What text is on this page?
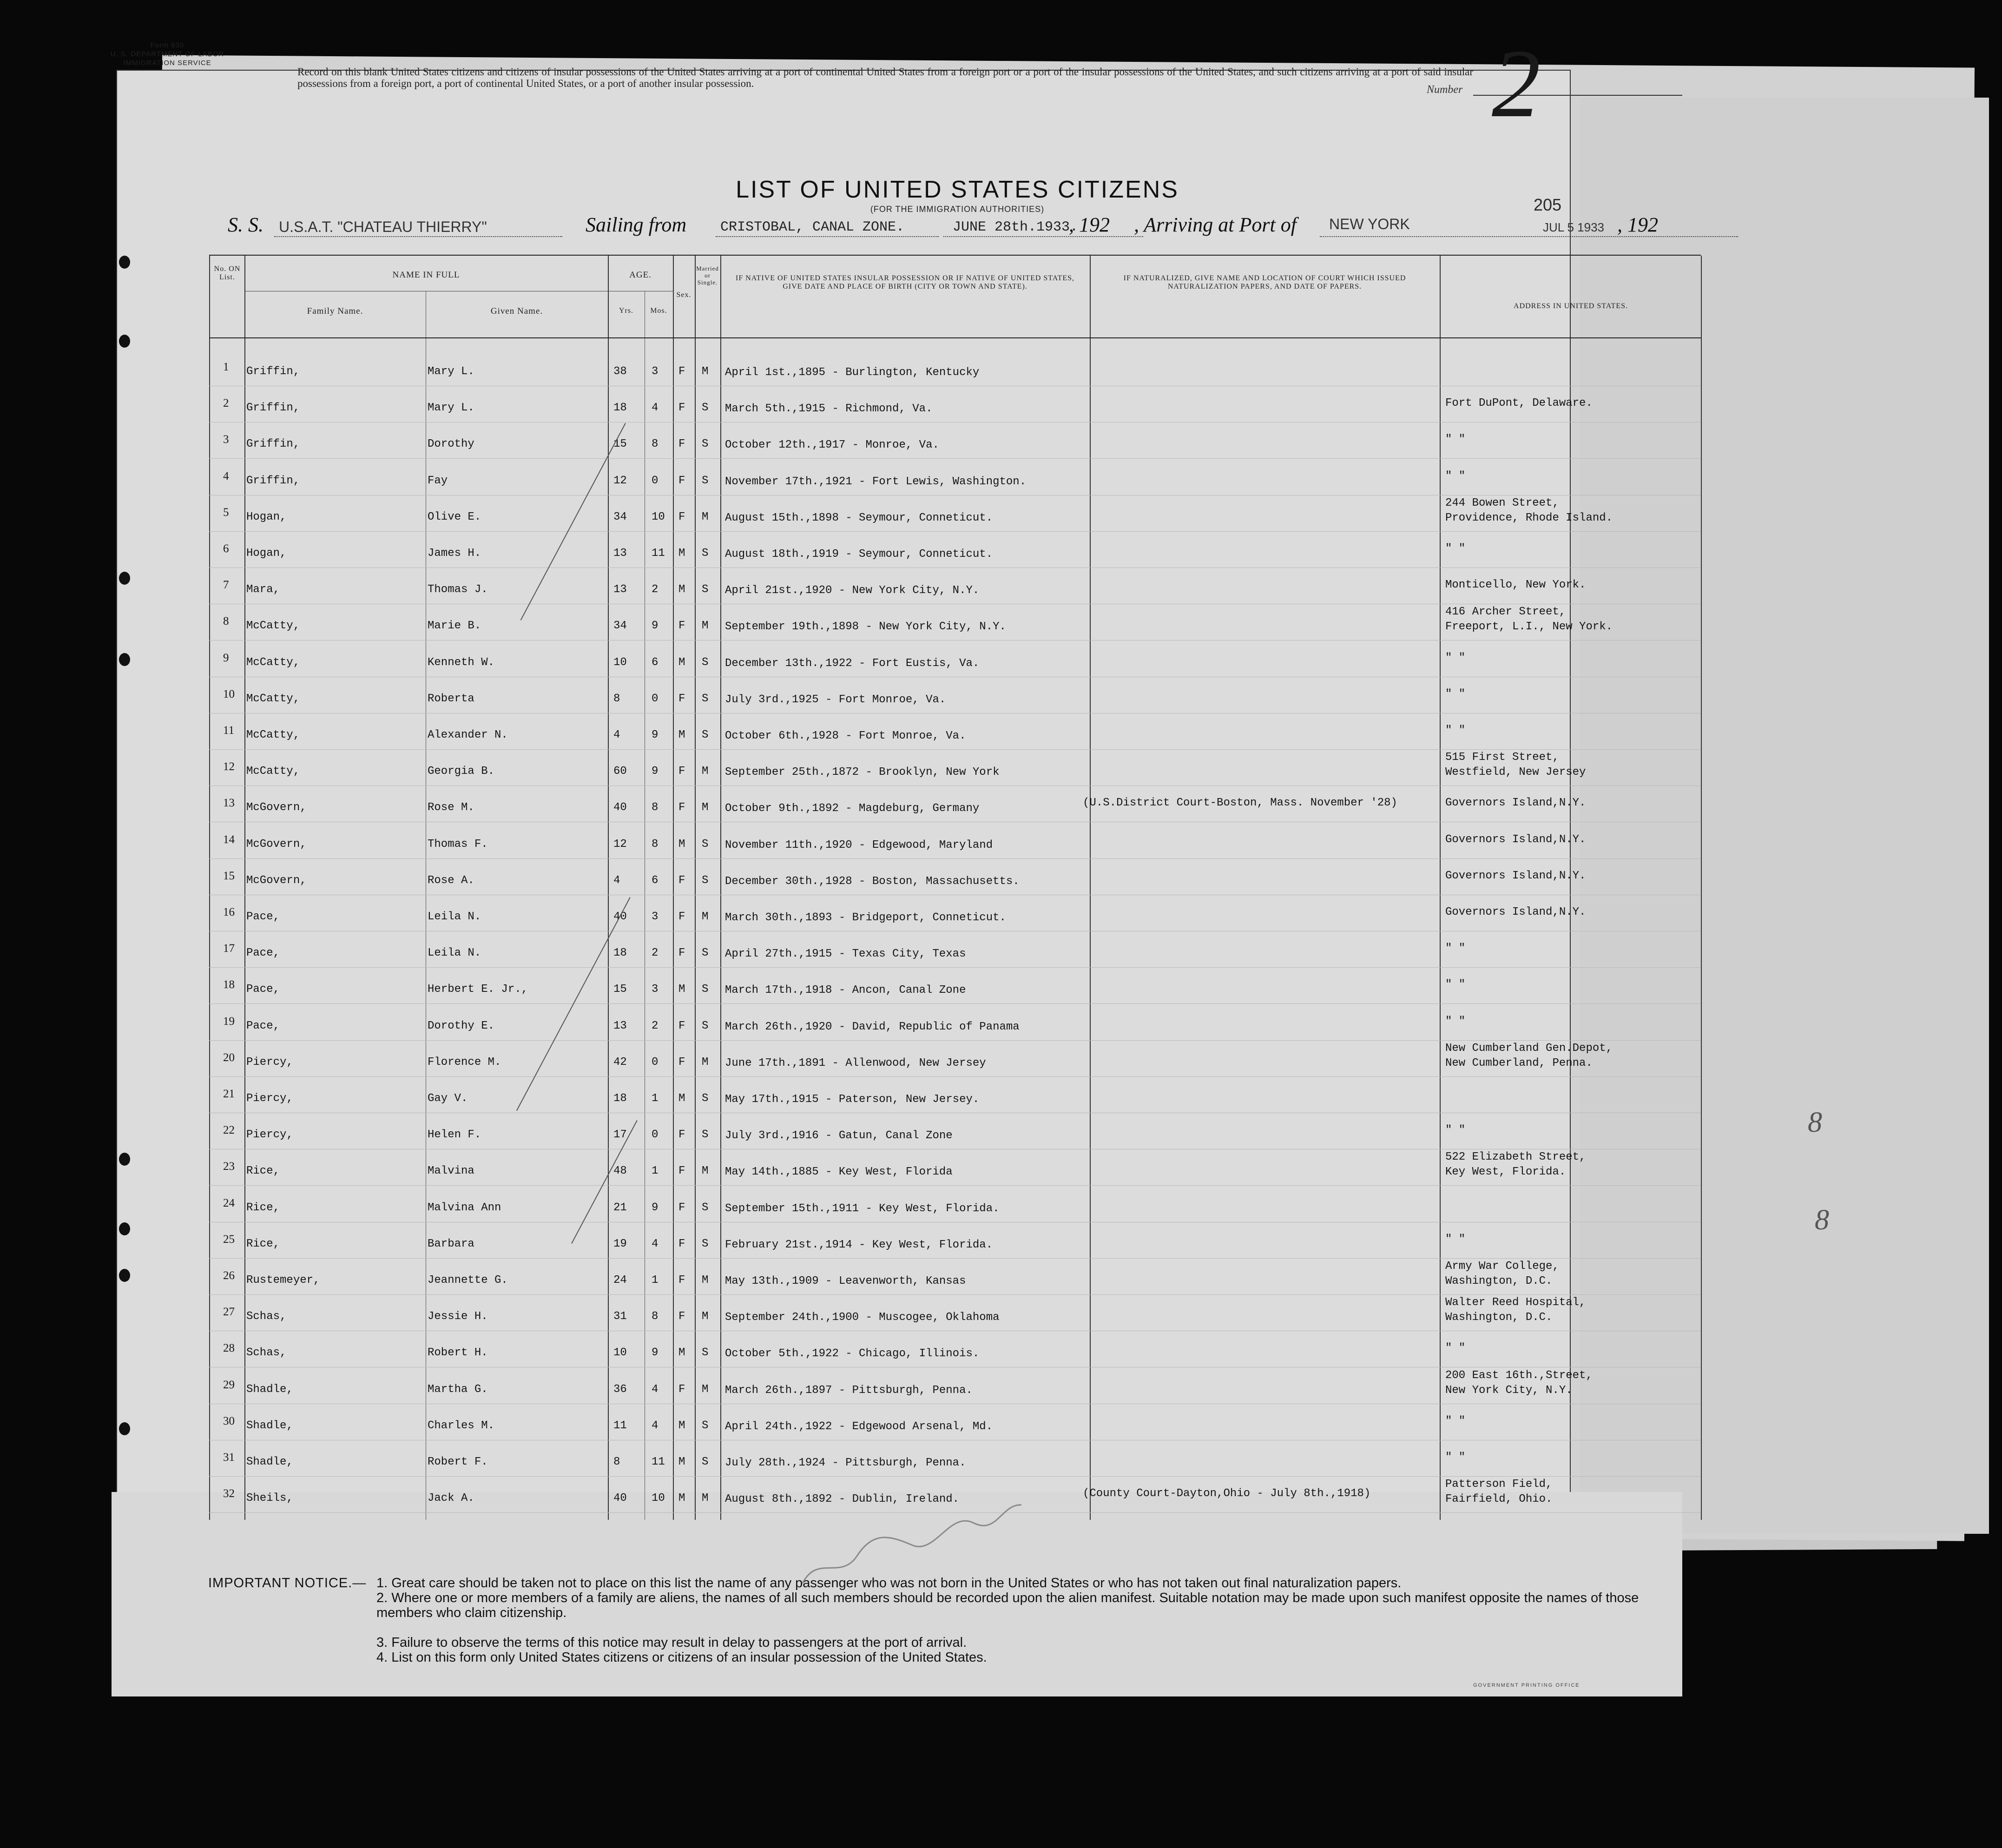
8
8
Form 630
U. S. DEPARTMENT OF LABOR
IMMIGRATION SERVICE
Record on this blank United States citizens and citizens of insular possessions of the United States arriving at a port of continental United States from a foreign port or a port of the insular possessions of the United States, and such citizens arriving at a port of said insular possessions from a foreign port, a port of continental United States, or a port of another insular possession.
Number 2
LIST OF UNITED STATES CITIZENS
(FOR THE IMMIGRATION AUTHORITIES)	205
S. S. U.S.A.T. "CHATEAU THIERRY"	Sailing from CRISTOBAL, CANAL ZONE.	JUNE 28th.1933.
, 192 , Arriving at Port of NEW YORK	JUL 5 1933 , 192
No. ON List.	NAME IN FULL
Family Name.	Given Name.
AGE.
Yrs.	Mos.
Sex.
Married or Single.
IF NATIVE OF UNITED STATES INSULAR POSSESSION OR IF NATIVE OF UNITED STATES, GIVE DATE AND PLACE OF BIRTH (CITY OR TOWN AND STATE).
IF NATURALIZED, GIVE NAME AND LOCATION OF COURT WHICH ISSUED NATURALIZATION PAPERS, AND DATE OF PAPERS.
ADDRESS IN UNITED STATES.
1 Griffin,	Mary L.	38 3 F M April 1st.,1895 - Burlington, Kentucky
2 Griffin,	Mary L.	18 4 F S March 5th.,1915 - Richmond, Va.	Fort DuPont, Delaware.
3 Griffin,	Dorothy	15 8 F S October 12th.,1917 - Monroe, Va.	" "
4 Griffin,	Fay	12 0 F S November 17th.,1921 - Fort Lewis, Washington.	" "
5 Hogan,	Olive E.	34 10 F M August 15th.,1898 - Seymour, Conneticut.
244 Bowen Street,
Providence, Rhode Island.
6 Hogan,	James H.	13 11 M S August 18th.,1919 - Seymour, Conneticut.	" "
7 Mara,	Thomas J.	13 2 M S April 21st.,1920 - New York City, N.Y.	Monticello, New York.
8 McCatty,	Marie B.	34 9 F M September 19th.,1898 - New York City, N.Y.
416 Archer Street,
Freeport, L.I., New York.
9 McCatty,	Kenneth W.	10 6 M S December 13th.,1922 - Fort Eustis, Va.	" "
10 McCatty,	Roberta	8	0 F S July 3rd.,1925 - Fort Monroe, Va.	" "
11 McCatty,	Alexander N.	4	9 M S October 6th.,1928 - Fort Monroe, Va.	" "
12 McCatty,	Georgia B.	60 9 F M September 25th.,1872 - Brooklyn, New York
515 First Street,
Westfield, New Jersey
13 McGovern,	Rose M.	40 8 F M October 9th.,1892 - Magdeburg, Germany	(U.S.District Court-Boston, Mass. November '28)	Governors Island,N.Y.
14 McGovern,	Thomas F.	12 8 M S November 11th.,1920 - Edgewood, Maryland	Governors Island,N.Y.
15 McGovern,	Rose A.	4	6 F S December 30th.,1928 - Boston, Massachusetts.	Governors Island,N.Y.
16 Pace,	Leila N.	40 3 F M March 30th.,1893 - Bridgeport, Conneticut.	Governors Island,N.Y.
17 Pace,	Leila N.	18 2 F S April 27th.,1915 - Texas City, Texas	" "
18 Pace,	Herbert E. Jr.,	15 3 M S March 17th.,1918 - Ancon, Canal Zone	" "
19 Pace,	Dorothy E.	13 2 F S March 26th.,1920 - David, Republic of Panama	" "
20 Piercy,	Florence M.	42 0 F M June 17th.,1891 - Allenwood, New Jersey
New Cumberland Gen.Depot,
New Cumberland, Penna.
21 Piercy,	Gay V.	18 1 M S May 17th.,1915 - Paterson, New Jersey.
22 Piercy,	Helen F.	17 0 F S July 3rd.,1916 - Gatun, Canal Zone	" "
23 Rice,	Malvina	48 1 F M May 14th.,1885 - Key West, Florida
522 Elizabeth Street,
Key West, Florida.
24 Rice,	Malvina Ann	21 9 F S September 15th.,1911 - Key West, Florida.
25 Rice,	Barbara	19 4 F S February 21st.,1914 - Key West, Florida.	" "
26 Rustemeyer,	Jeannette G.	24 1 F M May 13th.,1909 - Leavenworth, Kansas
Army War College,
Washington, D.C.
27 Schas,	Jessie H.	31 8 F M September 24th.,1900 - Muscogee, Oklahoma
Walter Reed Hospital,
Washington, D.C.
28 Schas,	Robert H.	10 9 M S October 5th.,1922 - Chicago, Illinois.	" "
29 Shadle,	Martha G.	36 4 F M March 26th.,1897 - Pittsburgh, Penna.
200 East 16th.,Street,
New York City, N.Y.
30 Shadle,	Charles M.	11 4 M S April 24th.,1922 - Edgewood Arsenal, Md.	" "
31 Shadle,	Robert F.	8	11 M S July 28th.,1924 - Pittsburgh, Penna.	" "
32 Sheils,	Jack A.	40 10 M M August 8th.,1892 - Dublin, Ireland.	(County Court-Dayton,Ohio - July 8th.,1918)
Patterson Field,
Fairfield, Ohio.
IMPORTANT NOTICE.— 1. Great care should be taken not to place on this list the name of any passenger who was not born in the United States or who has not taken out final naturalization papers.
2. Where one or more members of a family are aliens, the names of all such members should be recorded upon the alien manifest. Suitable notation may be made upon such manifest opposite the names of those members who claim citizenship.
3. Failure to observe the terms of this notice may result in delay to passengers at the port of arrival.
4. List on this form only United States citizens or citizens of an insular possession of the United States.
GOVERNMENT PRINTING OFFICE
